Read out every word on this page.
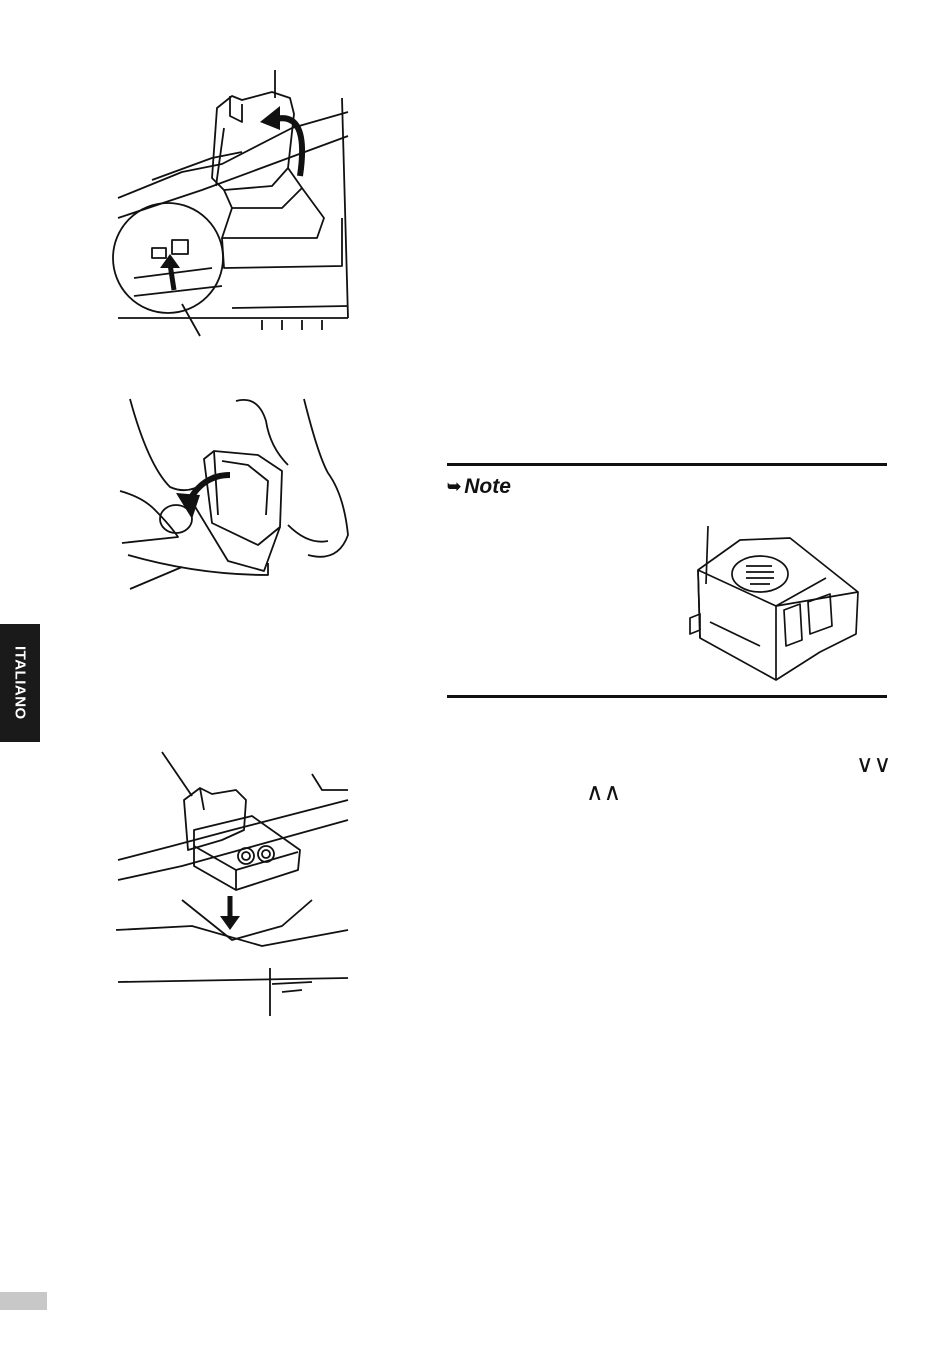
ITALIANO
➥ Note
∨∨
∧∧
